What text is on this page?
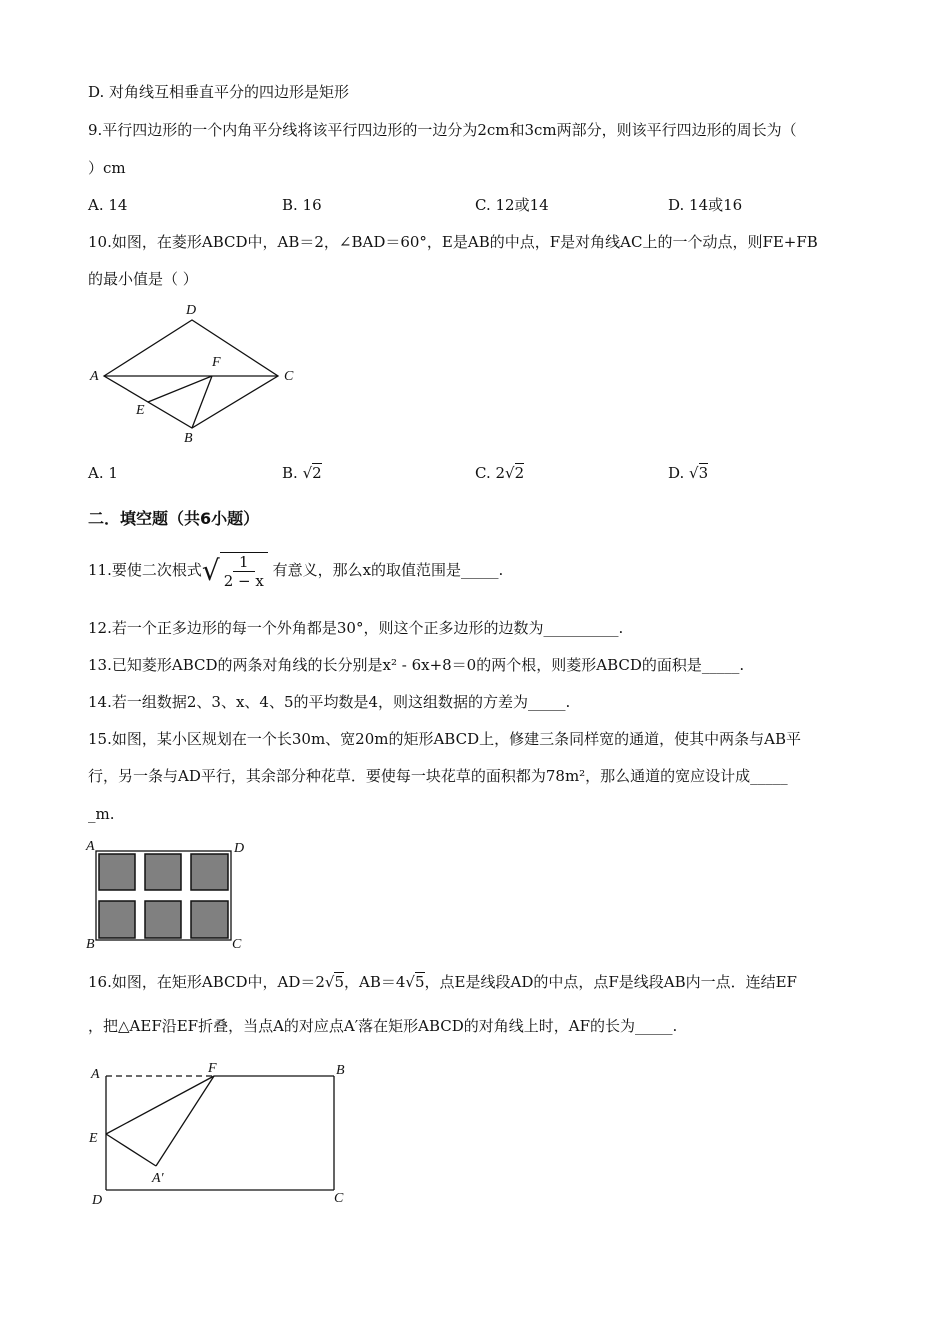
D. 对角线互相垂直平分的四边形是矩形
9.平行四边形的一个内角平分线将该平行四边形的一边分为2cm和3cm两部分，则该平行四边形的周长为（
）cm
A. 14	B. 16	C. 12或14	D. 14或16
10.如图，在菱形ABCD中，AB＝2，∠BAD＝60°，E是AB的中点，F是对角线AC上的一个动点，则FE+FB
的最小值是（ ）
D
A	C
F
E
B
A. 1	B. √2	C. 2√2	D. √3
二．填空题（共6小题）
11.要使二次根式√ $\frac{1}{2 - x}$ 有意义，那么x的取值范围是_____.
12.若一个正多边形的每一个外角都是30°，则这个正多边形的边数为__________.
13.已知菱形ABCD的两条对角线的长分别是x² ‑ 6x+8＝0的两个根，则菱形ABCD的面积是_____.
14.若一组数据2、3、x、4、5的平均数是4，则这组数据的方差为_____.
15.如图，某小区规划在一个长30m、宽20m的矩形ABCD上，修建三条同样宽的通道，使其中两条与AB平
行，另一条与AD平行，其余部分种花草．要使每一块花草的面积都为78m²，那么通道的宽应设计成_____
_m.
A	D
B	C
16.如图，在矩形ABCD中，AD＝2√5，AB＝4√5，点E是线段AD的中点，点F是线段AB内一点．连结EF
，把△AEF沿EF折叠，当点A的对应点A′落在矩形ABCD的对角线上时，AF的长为_____.
A	F	B
E
A′
D	C
